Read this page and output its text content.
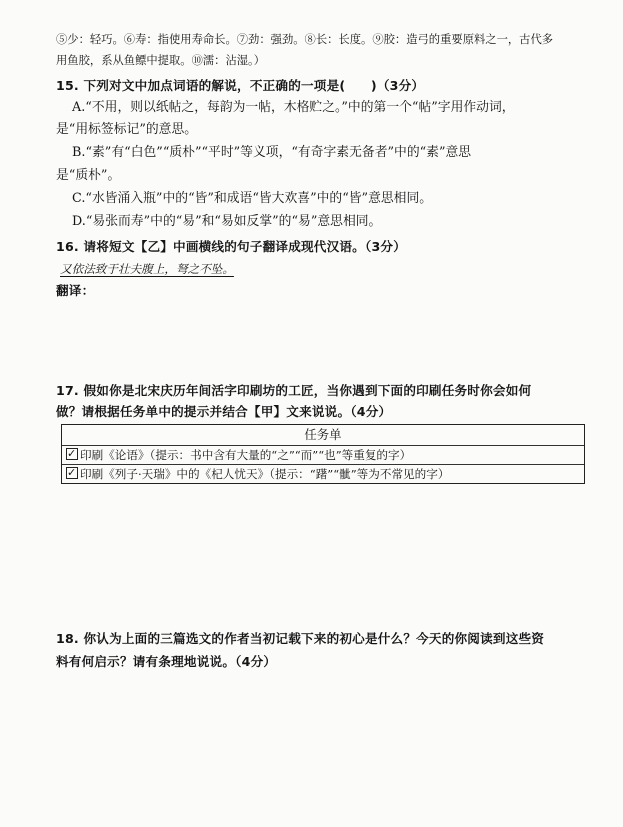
⑤少：轻巧。⑥寿：指使用寿命长。⑦劲：强劲。⑧长：长度。⑨胶：造弓的重要原料之一，古代多
用鱼胶，系从鱼鳔中提取。⑩濡：沾湿。）
15. 下列对文中加点词语的解说，不正确的一项是(　　)（3分）
A.“不用，则以纸帖之，每韵为一帖，木格贮之。”中的第一个“帖”字用作动词，
是“用标签标记”的意思。
B.“素”有“白色”“质朴”“平时”等义项，“有奇字素无备者”中的“素”意思
是“质朴”。
C.“水皆涌入瓶”中的“皆”和成语“皆大欢喜”中的“皆”意思相同。
D.“易张而寿”中的“易”和“易如反掌”的“易”意思相同。
16. 请将短文【乙】中画横线的句子翻译成现代汉语。（3分）
又依法致于壮夫腹上，弩之不坠。
翻译：
17. 假如你是北宋庆历年间活字印刷坊的工匠，当你遇到下面的印刷任务时你会如何
做？请根据任务单中的提示并结合【甲】文来说说。（4分）
任务单
✓印刷《论语》（提示：书中含有大量的“之”“而”“也”等重复的字）
✓印刷《列子·天瑞》中的《杞人忧天》（提示：“躇”“骴”等为不常见的字）
18. 你认为上面的三篇选文的作者当初记载下来的初心是什么？今天的你阅读到这些资
料有何启示？请有条理地说说。（4分）
